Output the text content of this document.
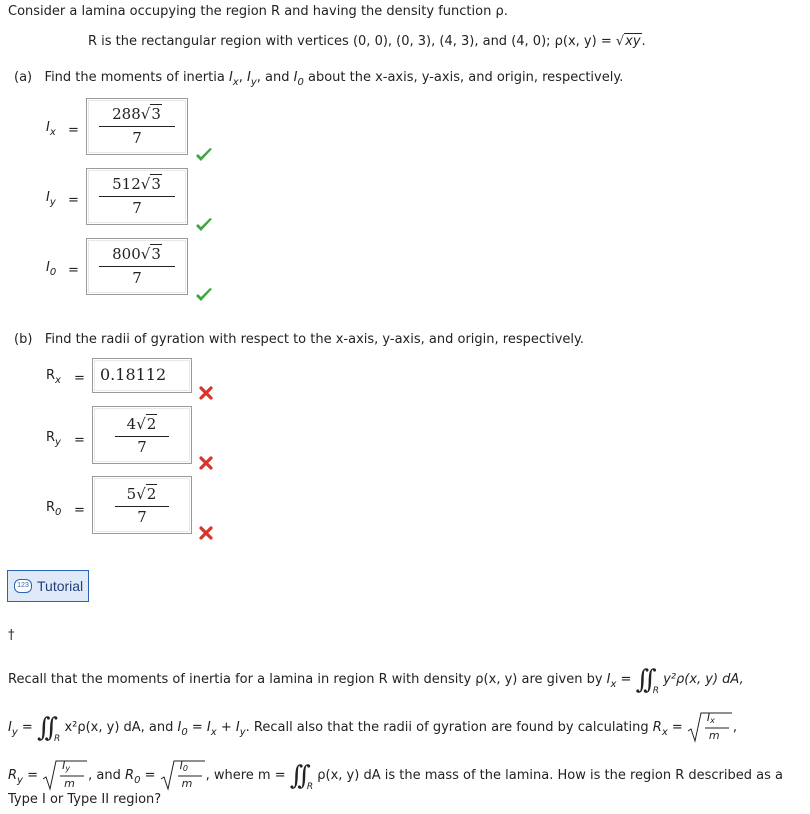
Consider a lamina occupying the region R and having the density function ρ.
R is the rectangular region with vertices (0, 0), (0, 3), (4, 3), and (4, 0); ρ(x, y) = √xy.
(a) Find the moments of inertia $I_x$, $I_y$, and $I_0$ about the x-axis, y-axis, and origin, respectively.
$I_x$ =
288√3
7
$I_y$ =
512√3
7
$I_0$ =
800√3
7
(b) Find the radii of gyration with respect to the x-axis, y-axis, and origin, respectively.
$R_x = 0.18112$
$R_y$ =
4√2
7
$R_0$ =
5√2
7
123 Tutorial
†
Recall that the moments of inertia for a lamina in region R with density ρ(x, y) are given by $I_x$ = ∫∫ $_R$ y²ρ(x, y) dA,
$I_y$ = ∫∫ $_R$ x²ρ(x, y) dA, and $I_0 = I_x + I_y$. Recall also that the radii of gyration are found by calculating $R_x$ =
Ix
m ,
$R_y$ =
Iy
m , and $R_0$ =
I0
m , where m = ∫∫ $_R$ ρ(x, y) dA is the mass of the lamina. How is the region R described as a
Type I or Type II region?
